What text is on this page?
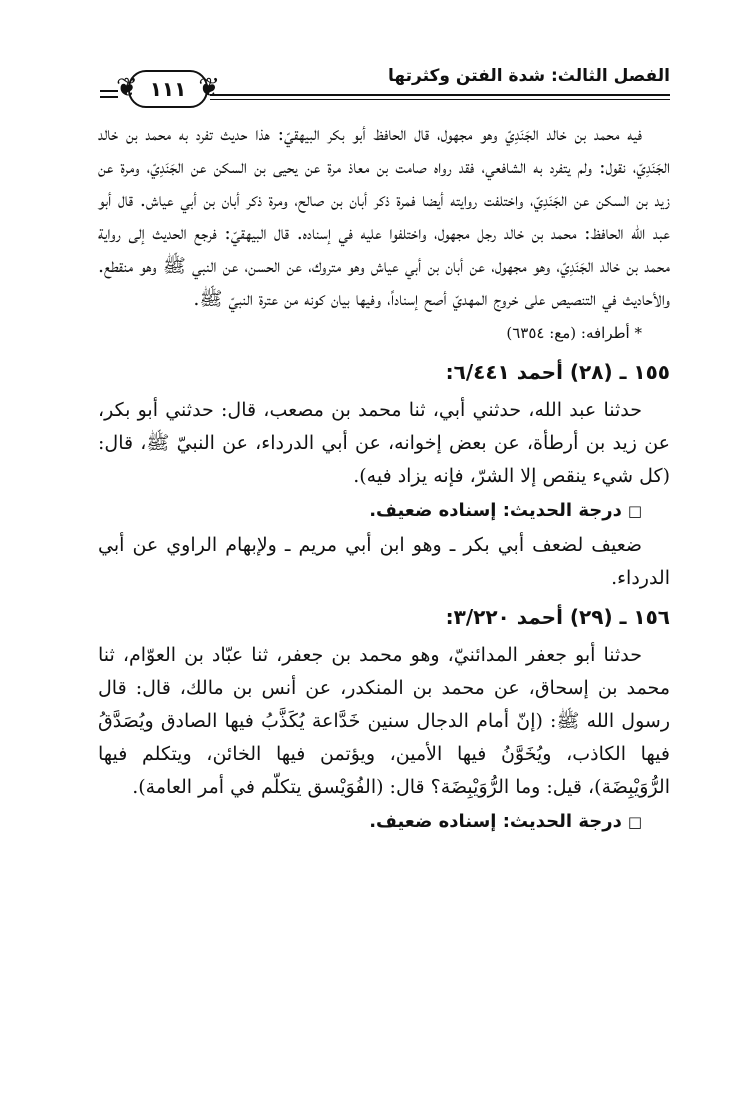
❦ ١١١ ❦	الفصل الثالث: شدة الفتن وكثرتها

فيه محمد بن خالد الجَنَدِيّ وهو مجهول، قال الحافظ أبو بكر البيهقيّ: هذا حديث تفرد به محمد بن خالد الجَنَدِيّ، نقول: ولم يتفرد به الشافعي، فقد رواه صامت بن معاذ مرة عن يحيى بن السكن عن الجَنَدِيّ، ومرة عن زيد بن السكن عن الجَنَدِيّ، واختلفت روايته أيضا فمرة ذكر أبان بن صالح، ومرة ذكر أبان بن أبي عياش. قال أبو عبد الله الحافظ: محمد بن خالد رجل مجهول، واختلفوا عليه في إسناده. قال البيهقيّ: فرجع الحديث إلى رواية محمد بن خالد الجَنَدِيّ، وهو مجهول، عن أبان بن أبي عياش وهو متروك، عن الحسن، عن النبي ﷺ وهو منقطع. والأحاديث في التنصيص على خروج المهديّ أصح إسناداً، وفيها بيان كونه من عترة النبيّ ﷺ.

* أطرافه: (مع: ٦٣٥٤)

١٥٥ ـ (٢٨) أحمد ٦/٤٤١:

حدثنا عبد الله، حدثني أبي، ثنا محمد بن مصعب، قال: حدثني أبو بكر، عن زيد بن أرطأة، عن بعض إخوانه، عن أبي الدرداء، عن النبيّ ﷺ، قال: (كل شيء ينقص إلا الشرّ، فإنه يزاد فيه).

□درجة الحديث: إسناده ضعيف.

ضعيف لضعف أبي بكر ـ وهو ابن أبي مريم ـ ولإبهام الراوي عن أبي الدرداء.

١٥٦ ـ (٢٩) أحمد ٣/٢٢٠:

حدثنا أبو جعفر المدائنيّ، وهو محمد بن جعفر، ثنا عبّاد بن العوّام، ثنا محمد بن إسحاق، عن محمد بن المنكدر، عن أنس بن مالك، قال: قال رسول الله ﷺ: (إنّ أمام الدجال سنين خَدَّاعة يُكَذَّبُ فيها الصادق ويُصَدَّقُ فيها الكاذب، ويُخَوَّنُ فيها الأمين، ويؤتمن فيها الخائن، ويتكلم فيها الرُّوَيْبِضَة)، قيل: وما الرُّوَيْبِضَة؟ قال: (الفُوَيْسق يتكلّم في أمر العامة).

□درجة الحديث: إسناده ضعيف.
